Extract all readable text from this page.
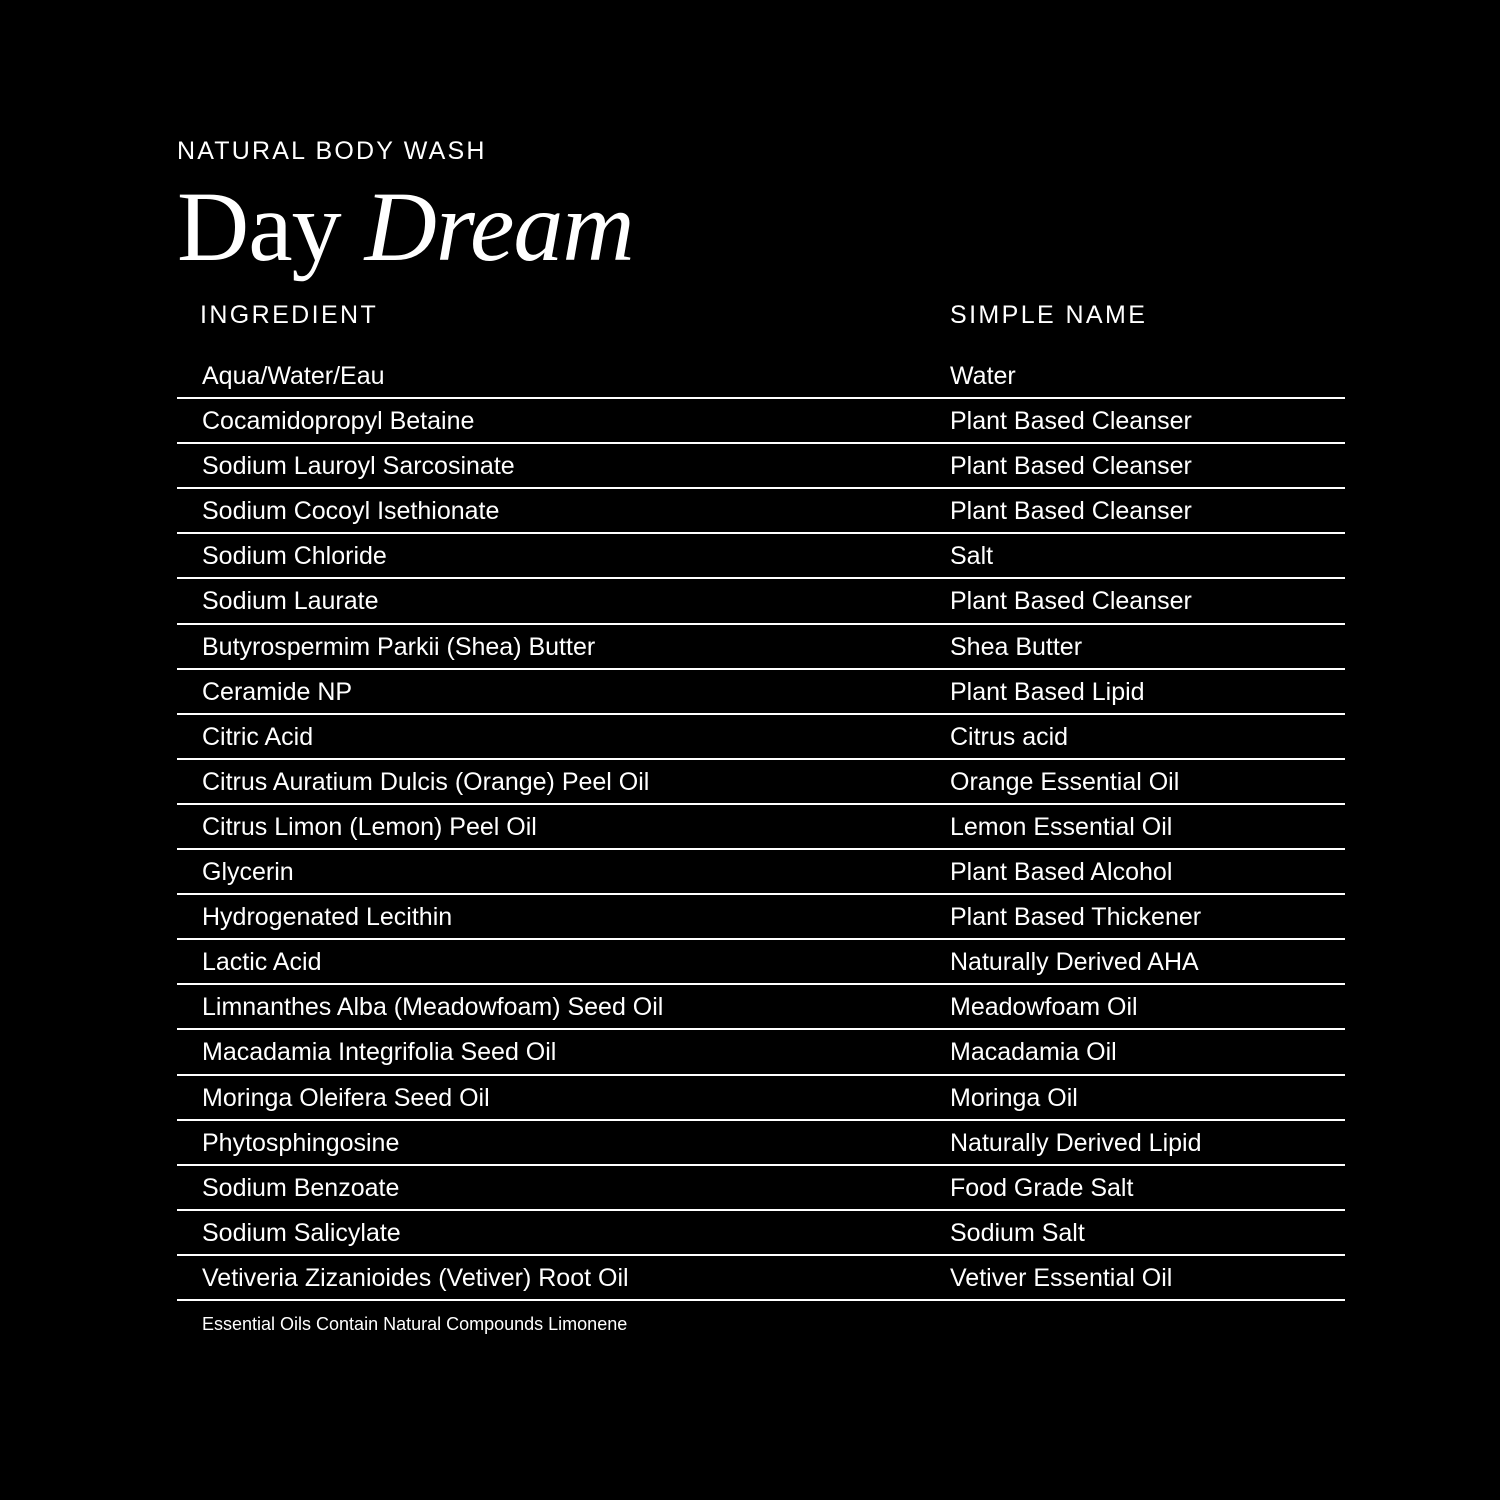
NATURAL BODY WASH
Day Dream
INGREDIENT	SIMPLE NAME
Aqua/Water/Eau	Water
Cocamidopropyl Betaine	Plant Based Cleanser
Sodium Lauroyl Sarcosinate	Plant Based Cleanser
Sodium Cocoyl Isethionate	Plant Based Cleanser
Sodium Chloride	Salt
Sodium Laurate	Plant Based Cleanser
Butyrospermim Parkii (Shea) Butter	Shea Butter
Ceramide NP	Plant Based Lipid
Citric Acid	Citrus acid
Citrus Auratium Dulcis (Orange) Peel Oil	Orange Essential Oil
Citrus Limon (Lemon) Peel Oil	Lemon Essential Oil
Glycerin	Plant Based Alcohol
Hydrogenated Lecithin	Plant Based Thickener
Lactic Acid	Naturally Derived AHA
Limnanthes Alba (Meadowfoam) Seed Oil	Meadowfoam Oil
Macadamia Integrifolia Seed Oil	Macadamia Oil
Moringa Oleifera Seed Oil	Moringa Oil
Phytosphingosine	Naturally Derived Lipid
Sodium Benzoate	Food Grade Salt
Sodium Salicylate	Sodium Salt
Vetiveria Zizanioides (Vetiver) Root Oil	Vetiver Essential Oil
Essential Oils Contain Natural Compounds Limonene
